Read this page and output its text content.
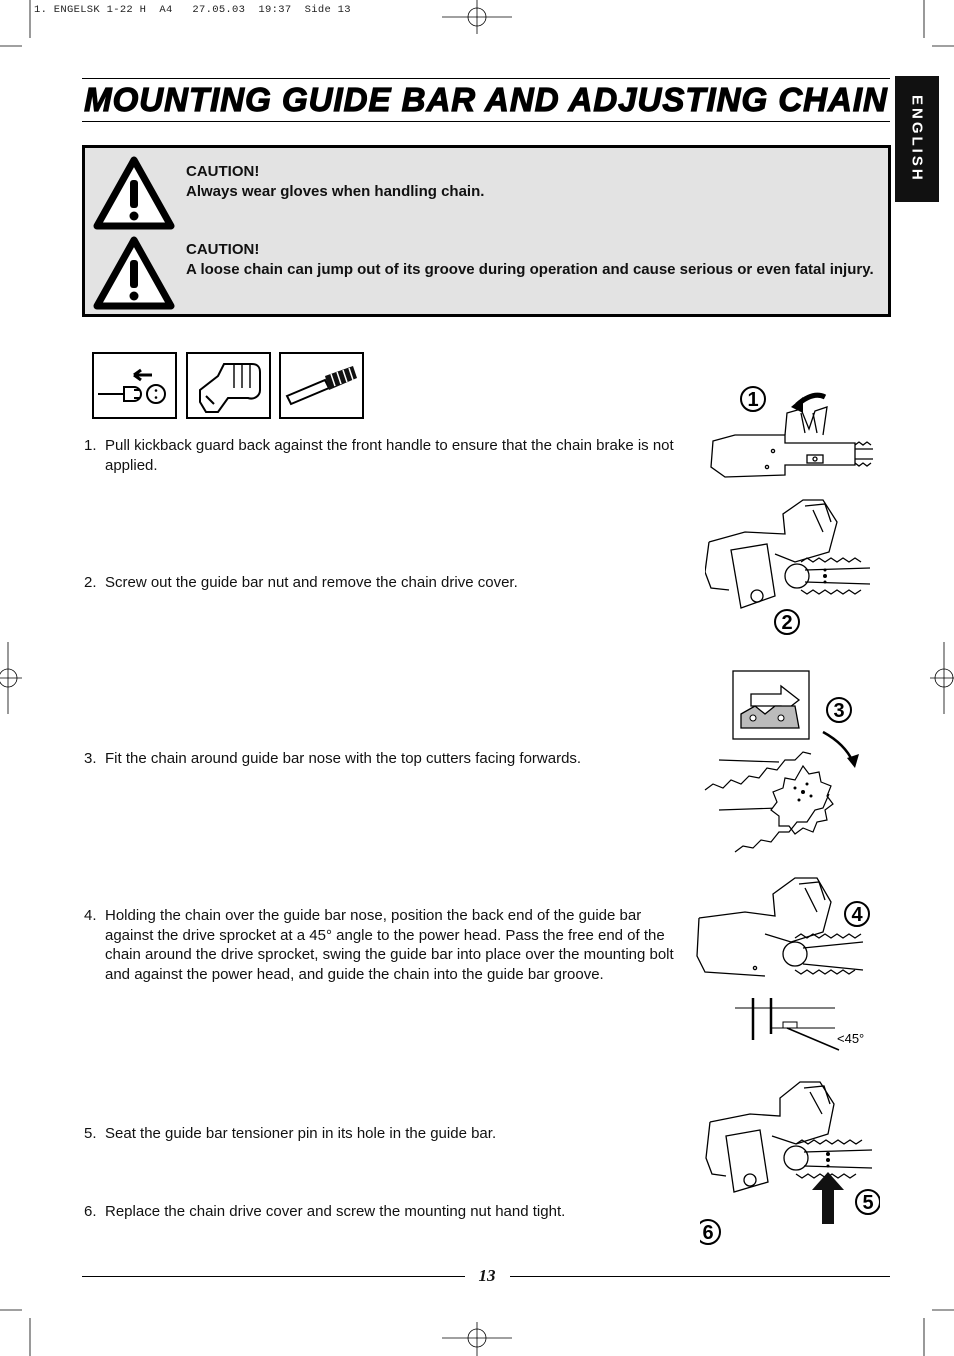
1. ENGELSK 1-22 H  A4   27.05.03  19:37  Side 13
MOUNTING GUIDE BAR AND ADJUSTING CHAIN ENGLISH
CAUTION!
Always wear gloves when handling chain.
CAUTION!
A loose chain can jump out of its groove during operation and cause serious or even fatal injury.
1. Pull kickback guard back against the front handle to ensure that the chain brake is not applied.
2. Screw out the guide bar nut and remove the chain drive cover.
3. Fit the chain around guide bar nose with the top cutters facing forwards.
4. Holding the chain over the guide bar nose, position the back end of the guide bar against the drive sprocket at a 45° angle to the power head. Pass the free end of the chain around the drive sprocket, swing the guide bar into place over the mounting bolt and against the power head, and guide the chain into the guide bar groove.
5. Seat the guide bar tensioner pin in its hole in the guide bar.
6. Replace the chain drive cover and screw the mounting nut hand tight.
1
2
3
4
<45°
5
6
13
